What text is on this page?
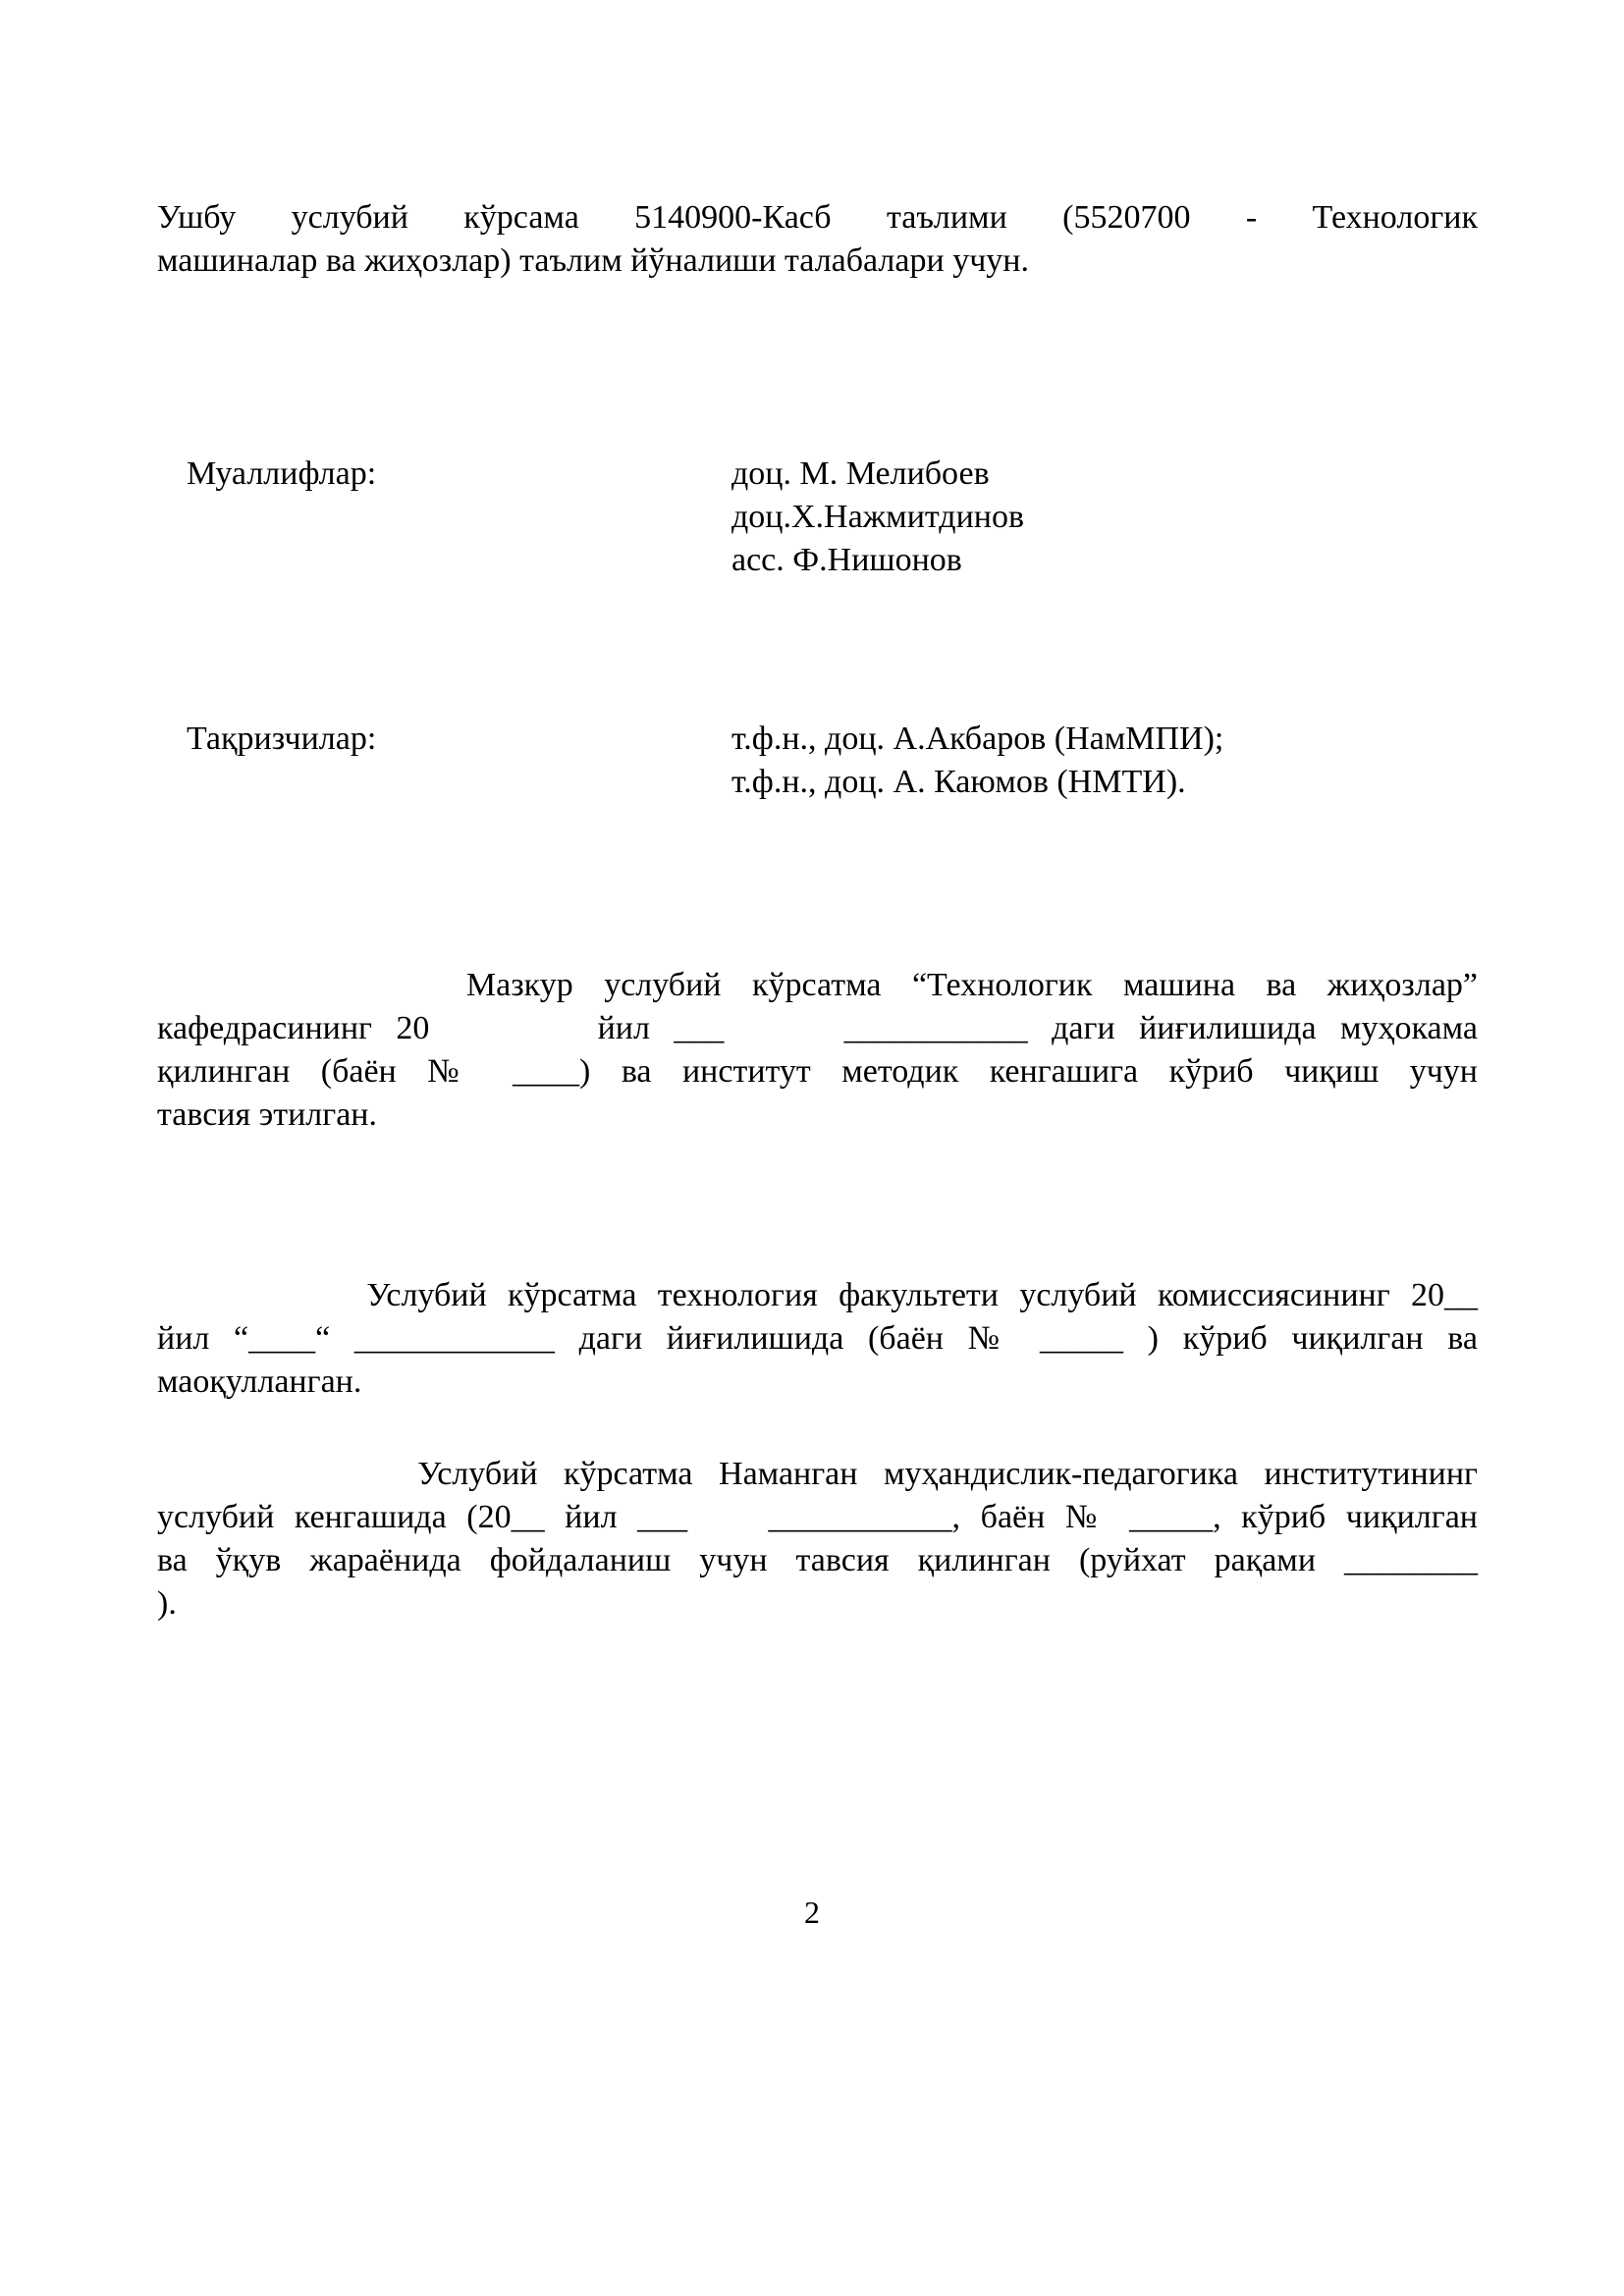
Ушбу услубий кўрсама 5140900-Касб таълими (5520700 - Технологик
машиналар ва жиҳозлар) таълим йўналиши талабалари учун.

Муаллифлар:	доц. М. Мелибоев
доц.Х.Нажмитдинов
асс. Ф.Нишонов

Тақризчилар:	т.ф.н., доц. А.Акбаров (НамМПИ);
т.ф.н., доц. А. Каюмов (НМТИ).

Мазкур услубий кўрсатма “Технологик машина ва жиҳозлар”
кафедрасининг 20       йил ___     ___________ даги йиғилишида муҳокама
қилинган (баён № ____) ва институт методик кенгашига кўриб чиқиш учун
тавсия этилган.

Услубий кўрсатма технология факультети услубий комиссиясининг 20__
йил “____“ ____________ даги йиғилишида (баён № _____ ) кўриб чиқилган ва
маоқулланган.

Услубий кўрсатма Наманган муҳандислик-педагогика институтининг
услубий кенгашида (20__ йил ___    ___________, баён № _____, кўриб чиқилган
ва ўқув жараёнида фойдаланиш учун тавсия қилинган (руйхат рақами ________
).

2
